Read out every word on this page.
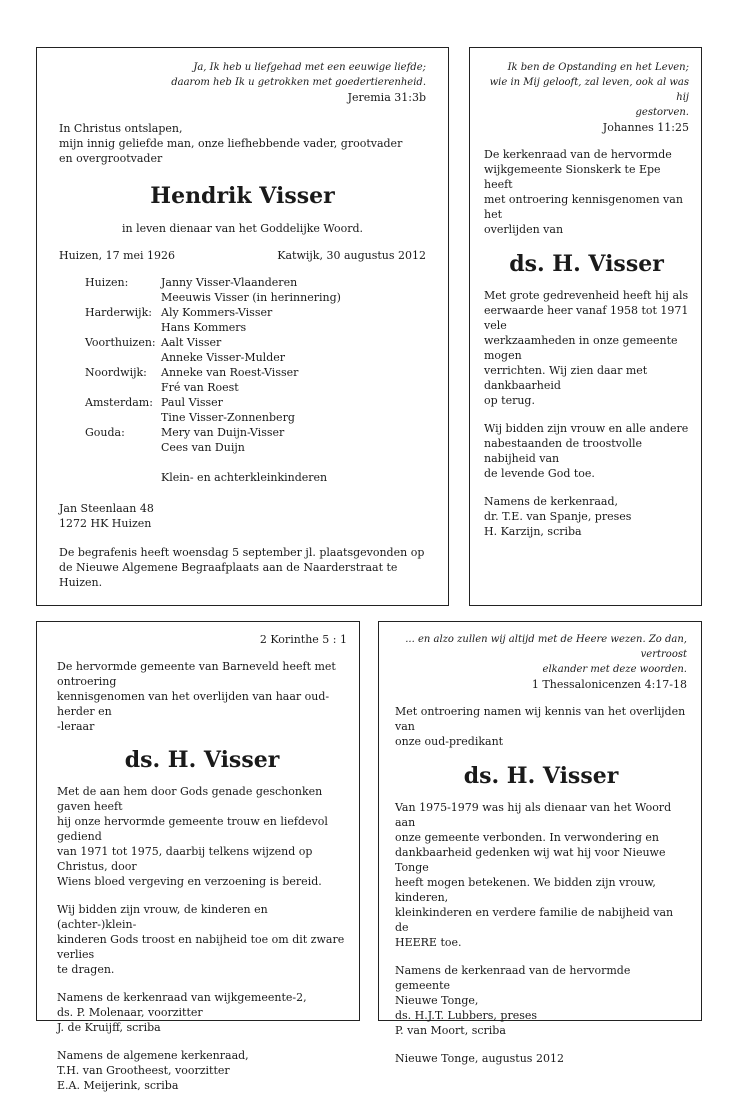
Ja, Ik heb u liefgehad met een eeuwige liefde;
daarom heb Ik u getrokken met goedertierenheid.
Jeremia 31:3b
In Christus ontslapen,
mijn innig geliefde man, onze liefhebbende vader, grootvader
en overgrootvader
Hendrik Visser
in leven dienaar van het Goddelijke Woord.
Huizen, 17 mei 1926	Katwijk, 30 augustus 2012
Huizen:	Janny Visser-Vlaanderen
	Meeuwis Visser (in herinnering)
Harderwijk:	Aly Kommers-Visser
	Hans Kommers
Voorthuizen:	Aalt Visser
	Anneke Visser-Mulder
Noordwijk:	Anneke van Roest-Visser
	Fré van Roest
Amsterdam:	Paul Visser
	Tine Visser-Zonnenberg
Gouda:	Mery van Duijn-Visser
	Cees van Duijn

	Klein- en achterkleinkinderen
Jan Steenlaan 48
1272 HK Huizen
De begrafenis heeft woensdag 5 september jl. plaatsgevonden op
de Nieuwe Algemene Begraafplaats aan de Naarderstraat te Huizen.
Ik ben de Opstanding en het Leven;
wie in Mij gelooft, zal leven, ook al was hij
gestorven.
Johannes 11:25
De kerkenraad van de hervormde
wijkgemeente Sionskerk te Epe heeft
met ontroering kennisgenomen van het
overlijden van
ds. H. Visser
Met grote gedrevenheid heeft hij als
eerwaarde heer vanaf 1958 tot 1971 vele
werkzaamheden in onze gemeente mogen
verrichten. Wij zien daar met dankbaarheid
op terug.
Wij bidden zijn vrouw en alle andere
nabestaanden de troostvolle nabijheid van
de levende God toe.
Namens de kerkenraad,
dr. T.E. van Spanje, preses
H. Karzijn, scriba
2 Korinthe 5 : 1
De hervormde gemeente van Barneveld heeft met ontroering
kennisgenomen van het overlijden van haar oud-herder en
-leraar
ds. H. Visser
Met de aan hem door Gods genade geschonken gaven heeft
hij onze hervormde gemeente trouw en liefdevol gediend
van 1971 tot 1975, daarbij telkens wijzend op Christus, door
Wiens bloed vergeving en verzoening is bereid.
Wij bidden zijn vrouw, de kinderen en (achter-)klein-
kinderen Gods troost en nabijheid toe om dit zware verlies
te dragen.
Namens de kerkenraad van wijkgemeente-2,
ds. P. Molenaar, voorzitter
J. de Kruijff, scriba
Namens de algemene kerkenraad,
T.H. van Grootheest, voorzitter
E.A. Meijerink, scriba
... en alzo zullen wij altijd met de Heere wezen. Zo dan, vertroost
elkander met deze woorden.
1 Thessalonicenzen 4:17-18
Met ontroering namen wij kennis van het overlijden van
onze oud-predikant
ds. H. Visser
Van 1975-1979 was hij als dienaar van het Woord aan
onze gemeente verbonden. In verwondering en
dankbaarheid gedenken wij wat hij voor Nieuwe Tonge
heeft mogen betekenen. We bidden zijn vrouw, kinderen,
kleinkinderen en verdere familie de nabijheid van de
HEERE toe.
Namens de kerkenraad van de hervormde gemeente
Nieuwe Tonge,
ds. H.J.T. Lubbers, preses
P. van Moort, scriba
Nieuwe Tonge, augustus 2012
